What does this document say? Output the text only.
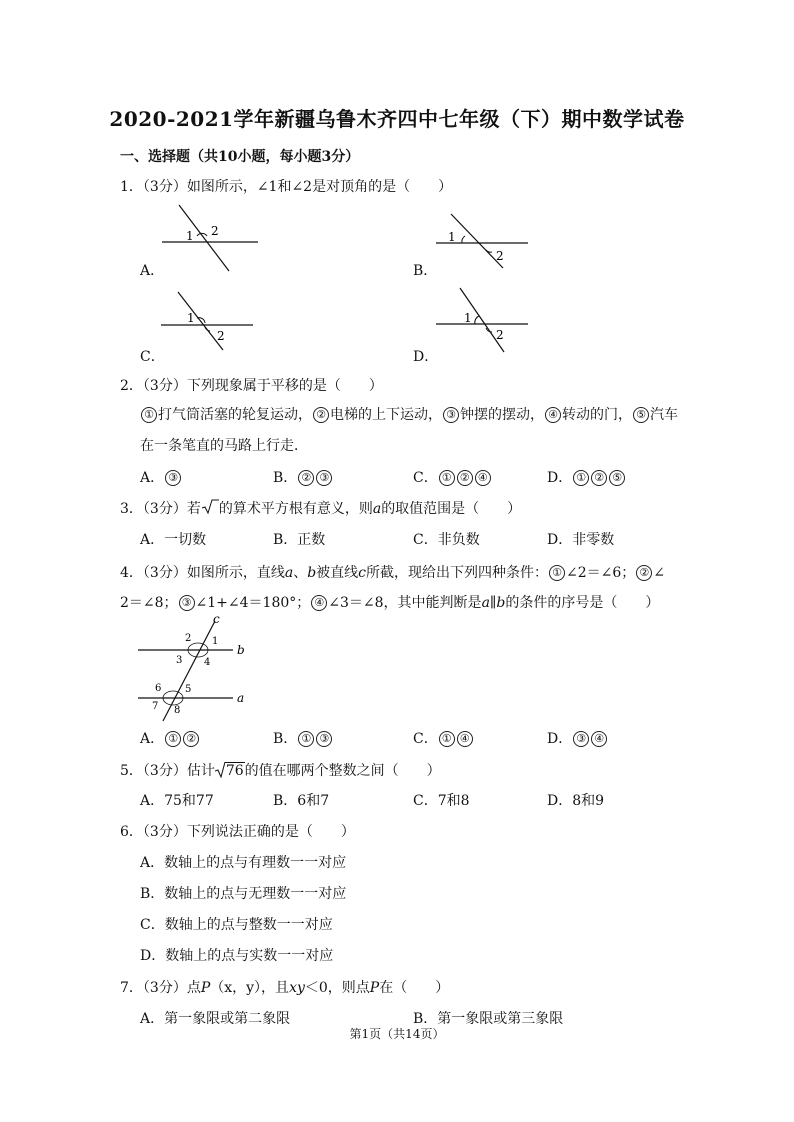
2020-2021学年新疆乌鲁木齐四中七年级（下）期中数学试卷
一、选择题（共10小题，每小题3分）
1．（3分）如图所示，∠1和∠2是对顶角的是（　　）
1 2
A．
1
2
B．
1
2
C．
1
2
D．
2．（3分）下列现象属于平移的是（　　）
① 打气筒活塞的轮复运动， ② 电梯的上下运动， ③ 钟摆的摆动， ④ 转动的门， ⑤ 汽车
在一条笔直的马路上行走．
A． ③	B． ② ③	C． ① ② ④	D． ① ② ⑤
3．（3分）若 的算术平方根有意义，则a的取值范围是（　　）
A．一切数	B．正数	C．非负数	D．非零数
4．（3分）如图所示，直线a、b被直线c所截，现给出下列四种条件： ① ∠2＝∠6； ② ∠
2＝∠8； ③ ∠1+∠4＝180°； ④ ∠3＝∠8，其中能判断是a∥b的条件的序号是（　　）
c
b
a
2 1
3 4
6 5
7 8
A． ① ②	B． ① ③	C． ① ④	D． ③ ④
5．（3分）估计 76的值在哪两个整数之间（　　）
A．75和77	B．6和7	C．7和8	D．8和9
6．（3分）下列说法正确的是（　　）
A．数轴上的点与有理数一一对应
B．数轴上的点与无理数一一对应
C．数轴上的点与整数一一对应
D．数轴上的点与实数一一对应
7．（3分）点P（x，y），且xy＜0，则点P在（　　）
A．第一象限或第二象限	B．第一象限或第三象限
第1页（共14页）
